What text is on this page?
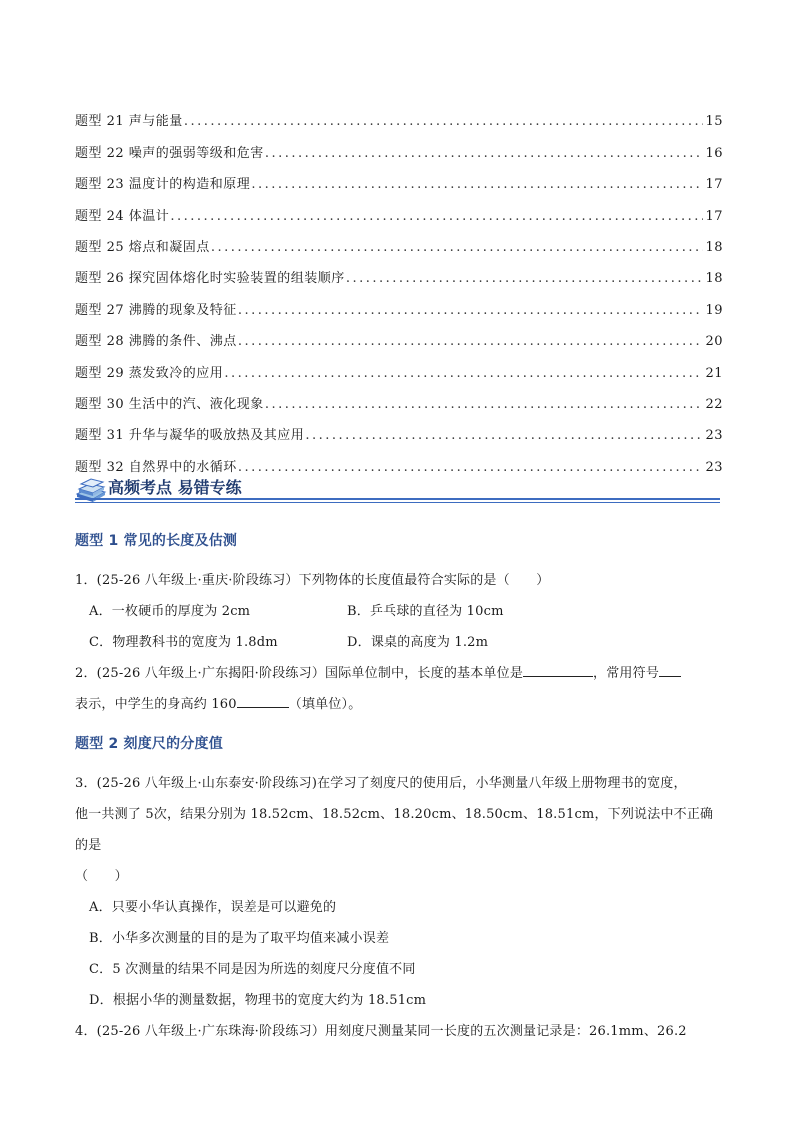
题型 21 声与能量 .....	15
题型 22 噪声的强弱等级和危害 .....	16
题型 23 温度计的构造和原理 .....	17
题型 24 体温计 .....	17
题型 25 熔点和凝固点 .....	18
题型 26 探究固体熔化时实验装置的组装顺序 .....	18
题型 27 沸腾的现象及特征 .....	19
题型 28 沸腾的条件、沸点 .....	20
题型 29 蒸发致冷的应用 .....	21
题型 30 生活中的汽、液化现象 .....	22
题型 31 升华与凝华的吸放热及其应用 .....	23
题型 32 自然界中的水循环 .....	23
高频考点 易错专练
题型 1 常见的长度及估测
1．(25-26 八年级上·重庆·阶段练习）下列物体的长度值最符合实际的是（　　）
A．一枚硬币的厚度为 2cm	B．乒乓球的直径为 10cm
C．物理教科书的宽度为 1.8dm	D．课桌的高度为 1.2m
2．(25-26 八年级上·广东揭阳·阶段练习）国际单位制中，长度的基本单位是	，常用符号
表示，中学生的身高约 160	（填单位）。
题型 2 刻度尺的分度值
3．(25-26 八年级上·山东泰安·阶段练习)在学习了刻度尺的使用后，小华测量八年级上册物理书的宽度，
他一共测了 5次，结果分别为 18.52cm、18.52cm、18.20cm、18.50cm、18.51cm，下列说法中不正确的是
（　　）
A．只要小华认真操作，误差是可以避免的
B．小华多次测量的目的是为了取平均值来减小误差
C．5 次测量的结果不同是因为所选的刻度尺分度值不同
D．根据小华的测量数据，物理书的宽度大约为 18.51cm
4．(25-26 八年级上·广东珠海·阶段练习）用刻度尺测量某同一长度的五次测量记录是：26.1mm、26.2
